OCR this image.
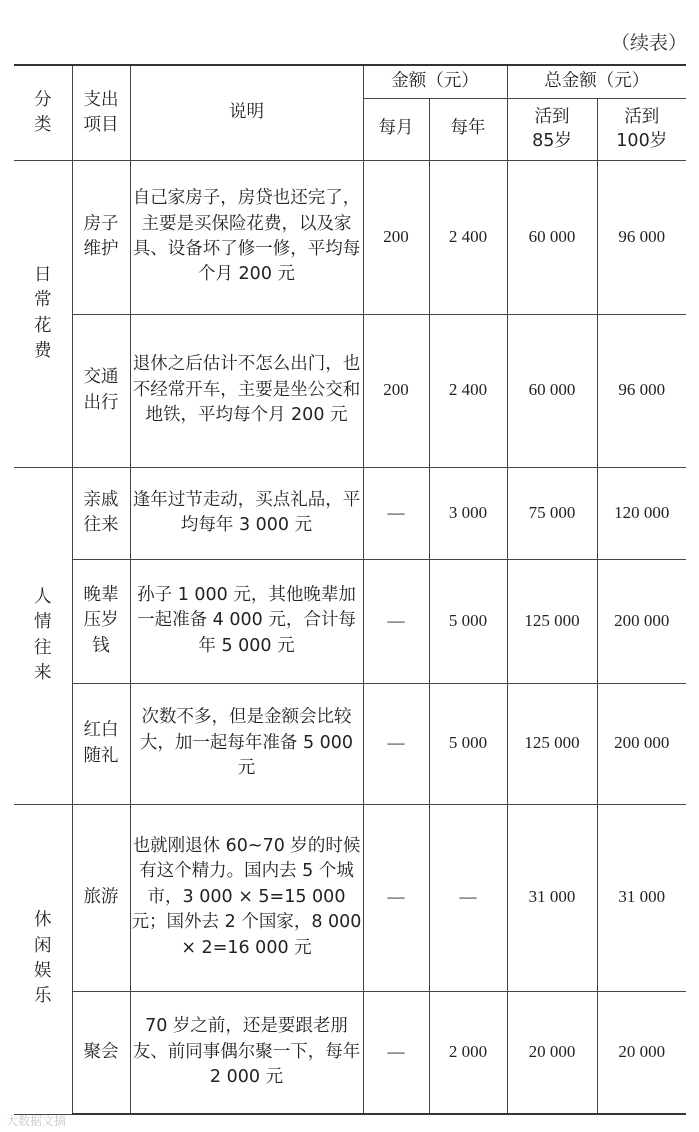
（续表）
分类	支出项目	说明	金额（元）		总金额（元）	
			每月	每年	活到85岁	活到100岁
日常花费	房子维护	自己家房子，房贷也还完了，主要是买保险花费，以及家具、设备坏了修一修，平均每个月 200 元	200	2 400	60 000	96 000
	交通出行	退休之后估计不怎么出门，也不经常开车，主要是坐公交和地铁，平均每个月 200 元	200	2 400	60 000	96 000
人情往来	亲戚往来	逢年过节走动，买点礼品，平均每年 3 000 元	—	3 000	75 000	120 000
	晚辈压岁钱	孙子 1 000 元，其他晚辈加一起准备 4 000 元，合计每年 5 000 元	—	5 000	125 000	200 000
	红白随礼	次数不多，但是金额会比较大，加一起每年准备 5 000 元	—	5 000	125 000	200 000
休闲娱乐	旅游	也就刚退休 60~70 岁的时候有这个精力。国内去 5 个城市，3 000 × 5=15 000 元；国外去 2 个国家，8 000 × 2=16 000 元	—	—	31 000	31 000
	聚会	70 岁之前，还是要跟老朋友、前同事偶尔聚一下，每年 2 000 元	—	2 000	20 000	20 000
大数据文摘
